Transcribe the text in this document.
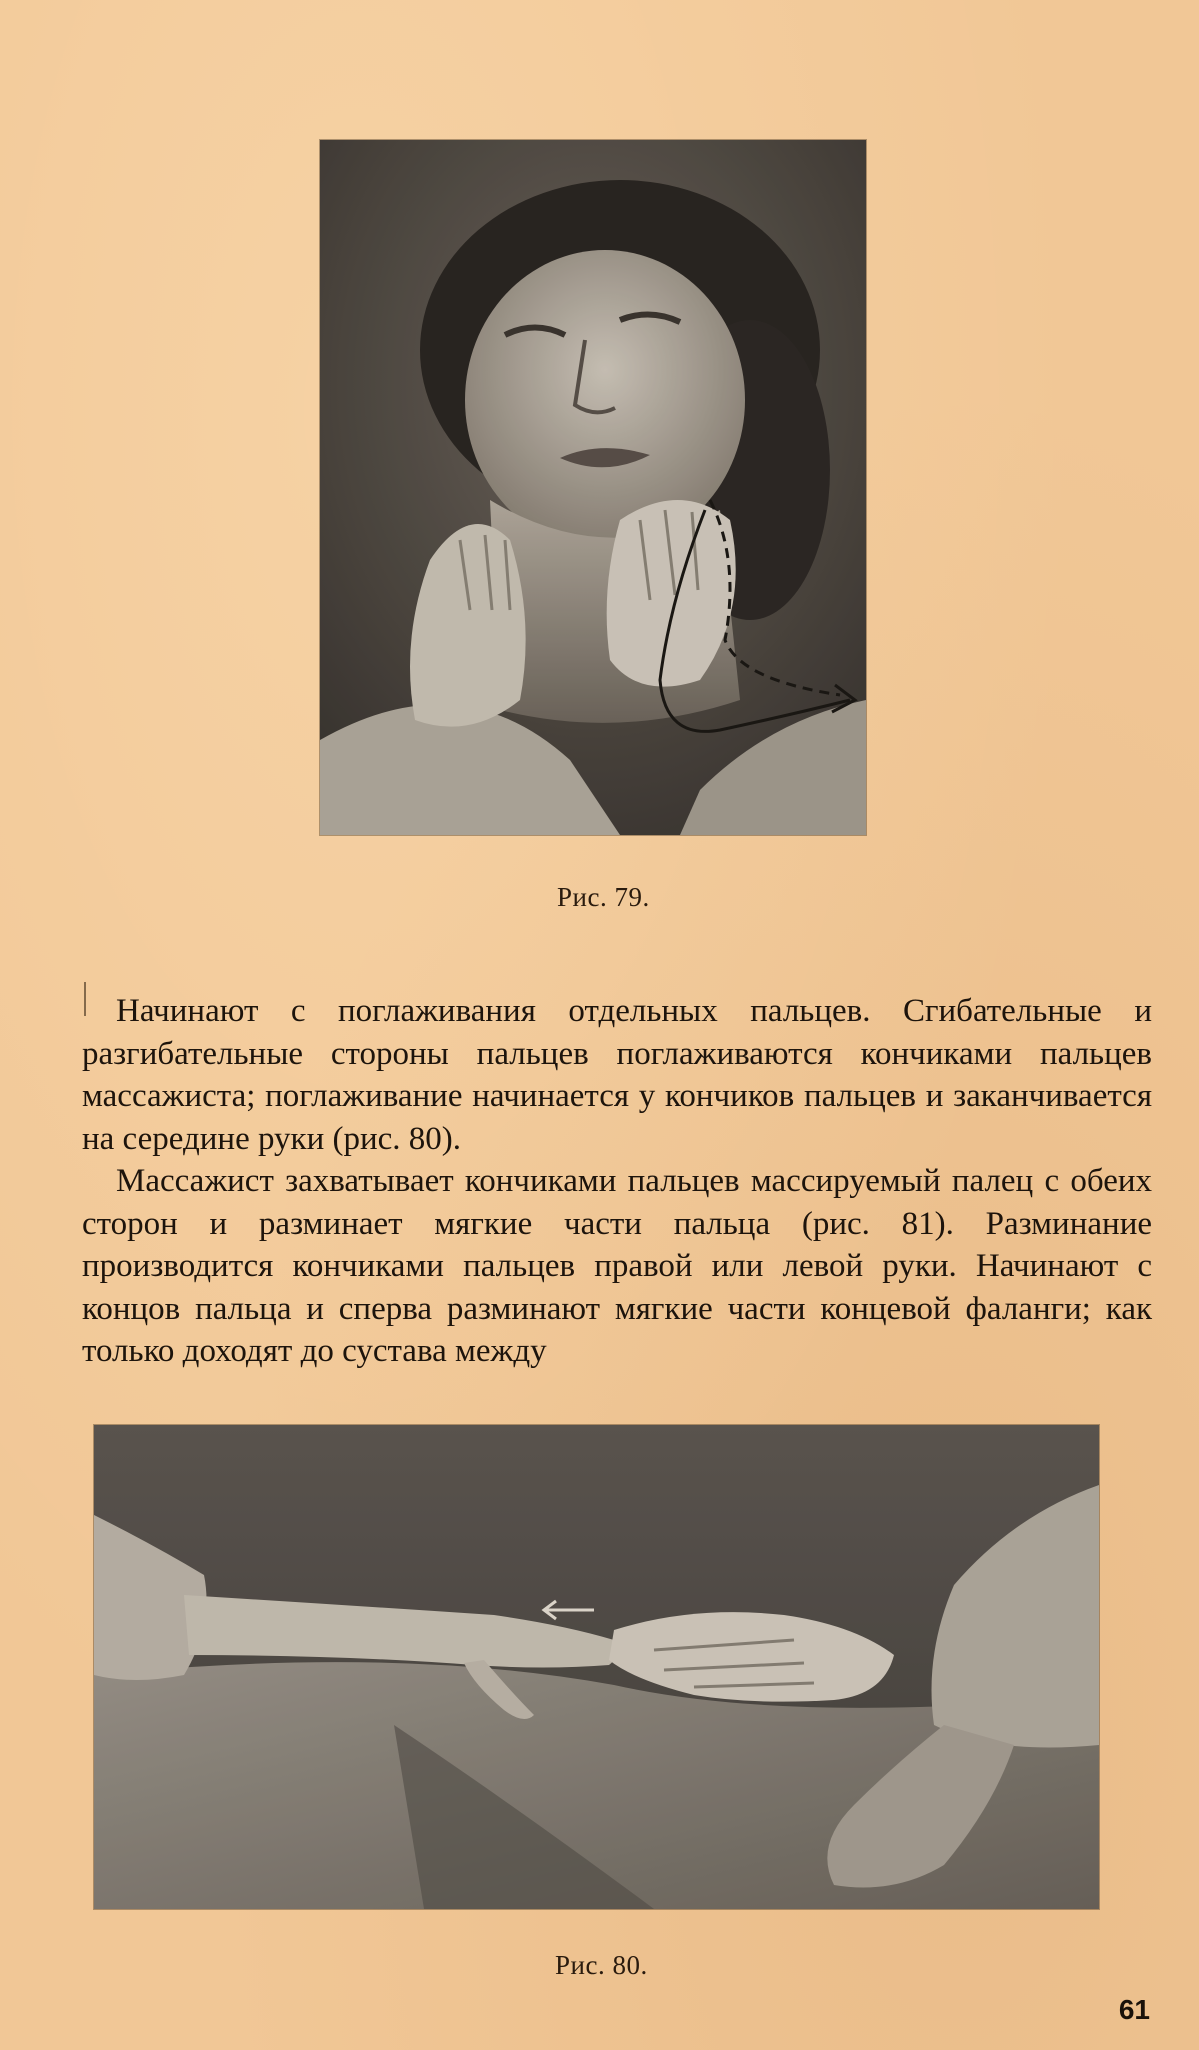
Рис. 79.

Начинают с поглаживания отдельных пальцев. Сгибательные и разгибательные стороны пальцев поглаживаются кончиками пальцев массажиста; поглаживание начинается у кончиков пальцев и заканчивается на середине руки (рис. 80).

Массажист захватывает кончиками пальцев массируемый палец с обеих сторон и разминает мягкие части пальца (рис. 81). Разминание производится кончиками пальцев правой или левой руки. Начинают с концов пальца и сперва разминают мягкие части концевой фаланги; как только доходят до сустава между

Рис. 80.
61
